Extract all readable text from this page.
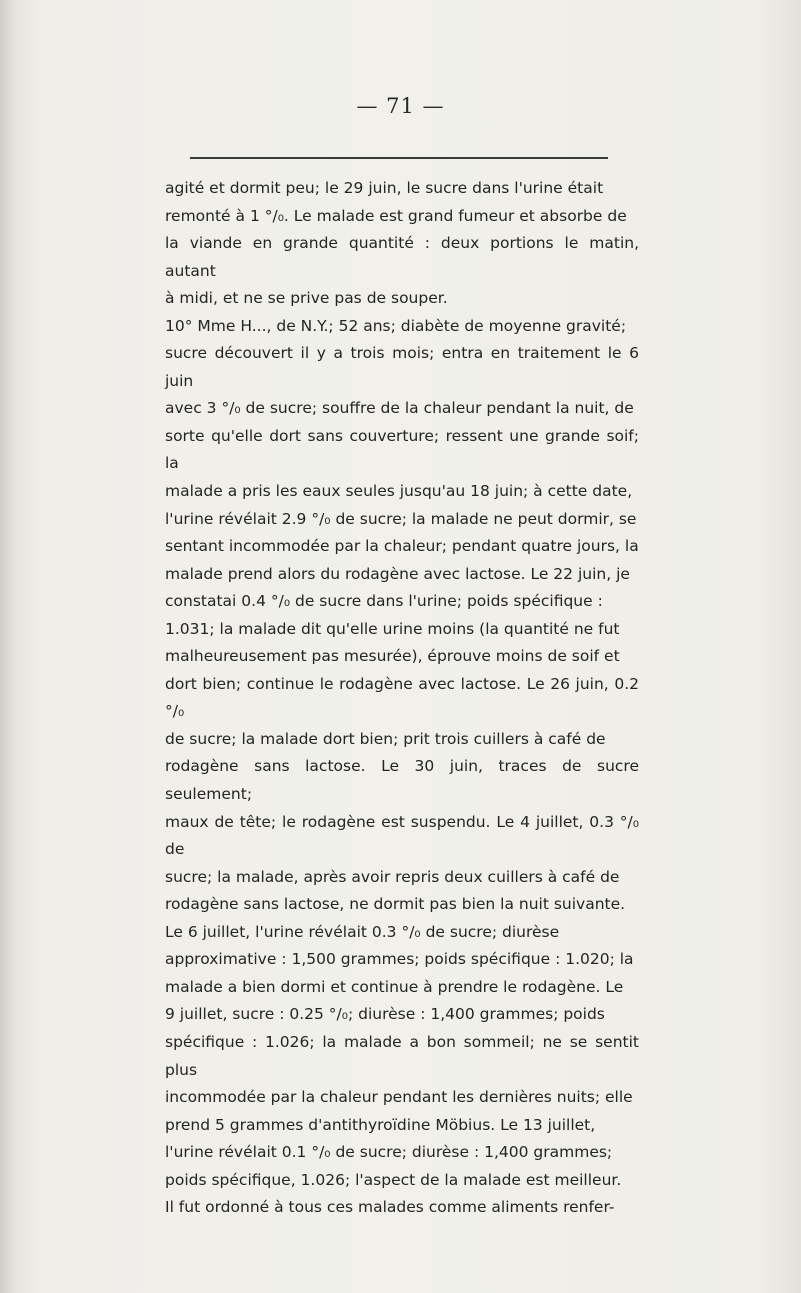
— 71 —
agité et dormit peu; le 29 juin, le sucre dans l'urine était
remonté à 1 °/₀. Le malade est grand fumeur et absorbe de
la viande en grande quantité : deux portions le matin, autant
à midi, et ne se prive pas de souper.
10° Mme H..., de N.Y.; 52 ans; diabète de moyenne gravité;
sucre découvert il y a trois mois; entra en traitement le 6 juin
avec 3 °/₀ de sucre; souffre de la chaleur pendant la nuit, de
sorte qu'elle dort sans couverture; ressent une grande soif; la
malade a pris les eaux seules jusqu'au 18 juin; à cette date,
l'urine révélait 2.9 °/₀ de sucre; la malade ne peut dormir, se
sentant incommodée par la chaleur; pendant quatre jours, la
malade prend alors du rodagène avec lactose. Le 22 juin, je
constatai 0.4 °/₀ de sucre dans l'urine; poids spécifique :
1.031; la malade dit qu'elle urine moins (la quantité ne fut
malheureusement pas mesurée), éprouve moins de soif et
dort bien; continue le rodagène avec lactose. Le 26 juin, 0.2 °/₀
de sucre; la malade dort bien; prit trois cuillers à café de
rodagène sans lactose. Le 30 juin, traces de sucre seulement;
maux de tête; le rodagène est suspendu. Le 4 juillet, 0.3 °/₀ de
sucre; la malade, après avoir repris deux cuillers à café de
rodagène sans lactose, ne dormit pas bien la nuit suivante.
Le 6 juillet, l'urine révélait 0.3 °/₀ de sucre; diurèse
approximative : 1,500 grammes; poids spécifique : 1.020; la
malade a bien dormi et continue à prendre le rodagène. Le
9 juillet, sucre : 0.25 °/₀; diurèse : 1,400 grammes; poids
spécifique : 1.026; la malade a bon sommeil; ne se sentit plus
incommodée par la chaleur pendant les dernières nuits; elle
prend 5 grammes d'antithyroïdine Möbius. Le 13 juillet,
l'urine révélait 0.1 °/₀ de sucre; diurèse : 1,400 grammes;
poids spécifique, 1.026; l'aspect de la malade est meilleur.
Il fut ordonné à tous ces malades comme aliments renfer-
